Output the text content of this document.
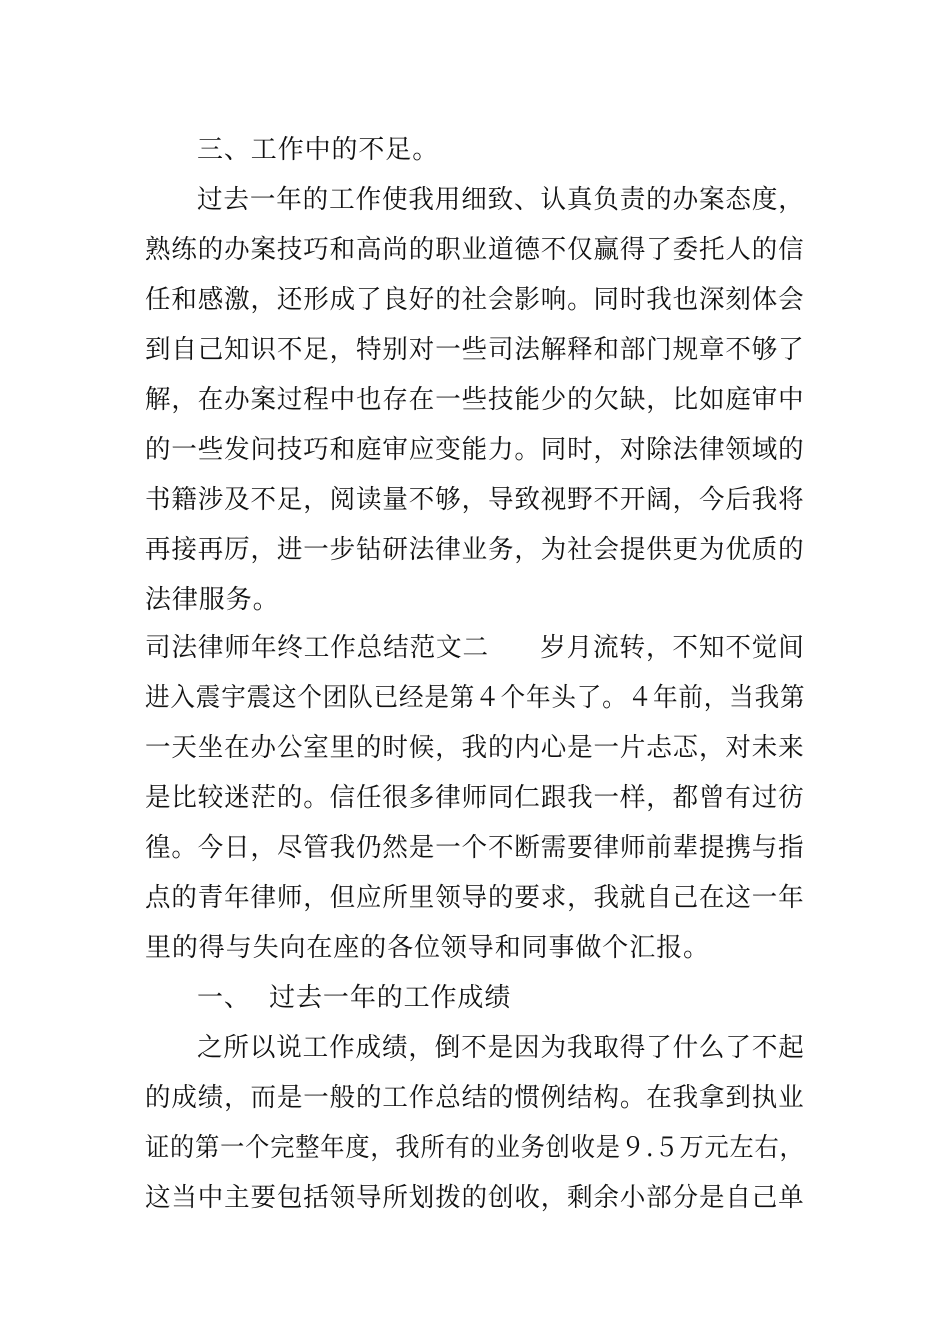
三、工作中的不足。
过去一年的工作使我用细致、认真负责的办案态度，
熟练的办案技巧和高尚的职业道德不仅赢得了委托人的信
任和感激，还形成了良好的社会影响。同时我也深刻体会
到自己知识不足，特别对一些司法解释和部门规章不够了
解，在办案过程中也存在一些技能少的欠缺，比如庭审中
的一些发问技巧和庭审应变能力。同时，对除法律领域的
书籍涉及不足，阅读量不够，导致视野不开阔，今后我将
再接再厉，进一步钻研法律业务，为社会提供更为优质的
法律服务。
司法律师年终工作总结范文二 岁月流转，不知不觉间
进入震宇震这个团队已经是第４个年头了。４年前，当我第
一天坐在办公室里的时候，我的内心是一片忐忑，对未来
是比较迷茫的。信任很多律师同仁跟我一样，都曾有过彷
徨。今日，尽管我仍然是一个不断需要律师前辈提携与指
点的青年律师，但应所里领导的要求，我就自己在这一年
里的得与失向在座的各位领导和同事做个汇报。
一、  过去一年的工作成绩
之所以说工作成绩，倒不是因为我取得了什么了不起
的成绩，而是一般的工作总结的惯例结构。在我拿到执业
证的第一个完整年度，我所有的业务创收是９.５万元左右，
这当中主要包括领导所划拨的创收，剩余小部分是自己单
